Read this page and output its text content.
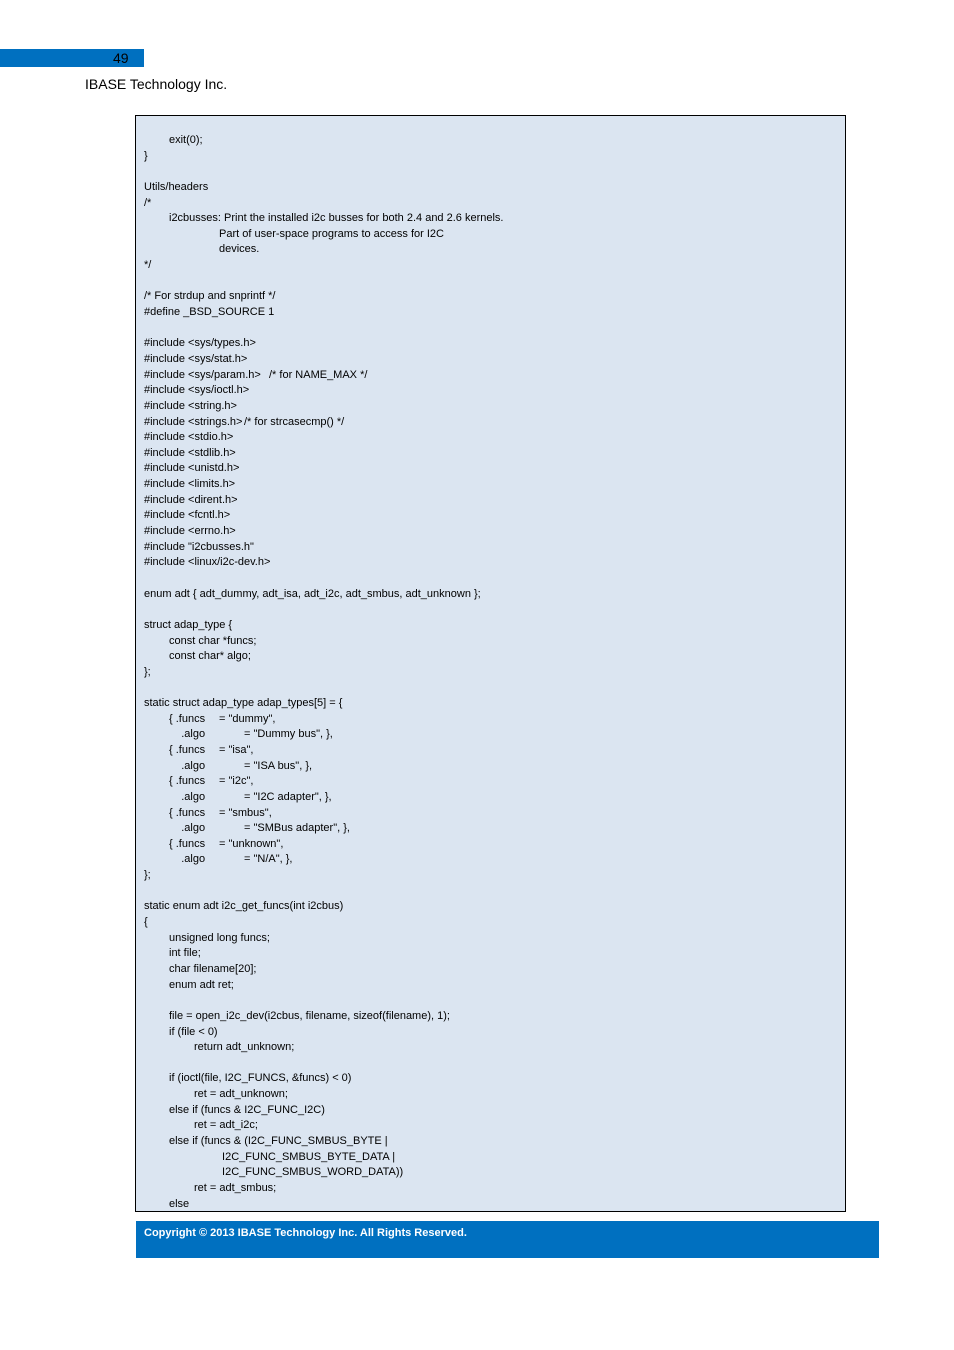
49
IBASE Technology Inc.
	exit(0);
}
Utils/headers
/*
	i2cbusses: Print the installed i2c busses for both 2.4 and 2.6 kernels.
			Part of user-space programs to access for I2C
			devices.
*/
/* For strdup and snprintf */
#define _BSD_SOURCE 1
#include <sys/types.h>
#include <sys/stat.h>
#include <sys/param.h>	/* for NAME_MAX */
#include <sys/ioctl.h>
#include <string.h>
#include <strings.h>	/* for strcasecmp() */
#include <stdio.h>
#include <stdlib.h>
#include <unistd.h>
#include <limits.h>
#include <dirent.h>
#include <fcntl.h>
#include <errno.h>
#include "i2cbusses.h"
#include <linux/i2c-dev.h>
enum adt { adt_dummy, adt_isa, adt_i2c, adt_smbus, adt_unknown };
struct adap_type {
	const char *funcs;
	const char* algo;
};
static struct adap_type adap_types[5] = {
	{ .funcs	= "dummy",
	.algo		= "Dummy bus", },
	{ .funcs	= "isa",
	.algo		= "ISA bus", },
	{ .funcs	= "i2c",
	.algo		= "I2C adapter", },
	{ .funcs	= "smbus",
	.algo		= "SMBus adapter", },
	{ .funcs	= "unknown",
	.algo		= "N/A", },
};
static enum adt i2c_get_funcs(int i2cbus)
{
	unsigned long funcs;
	int file;
	char filename[20];
	enum adt ret;
	file = open_i2c_dev(i2cbus, filename, sizeof(filename), 1);
	if (file < 0)
		return adt_unknown;
	if (ioctl(file, I2C_FUNCS, &funcs) < 0)
		ret = adt_unknown;
	else if (funcs & I2C_FUNC_I2C)
		ret = adt_i2c;
	else if (funcs & (I2C_FUNC_SMBUS_BYTE |
			I2C_FUNC_SMBUS_BYTE_DATA |
			I2C_FUNC_SMBUS_WORD_DATA))
		ret = adt_smbus;
	else
Copyright © 2013 IBASE Technology Inc. All Rights Reserved.
